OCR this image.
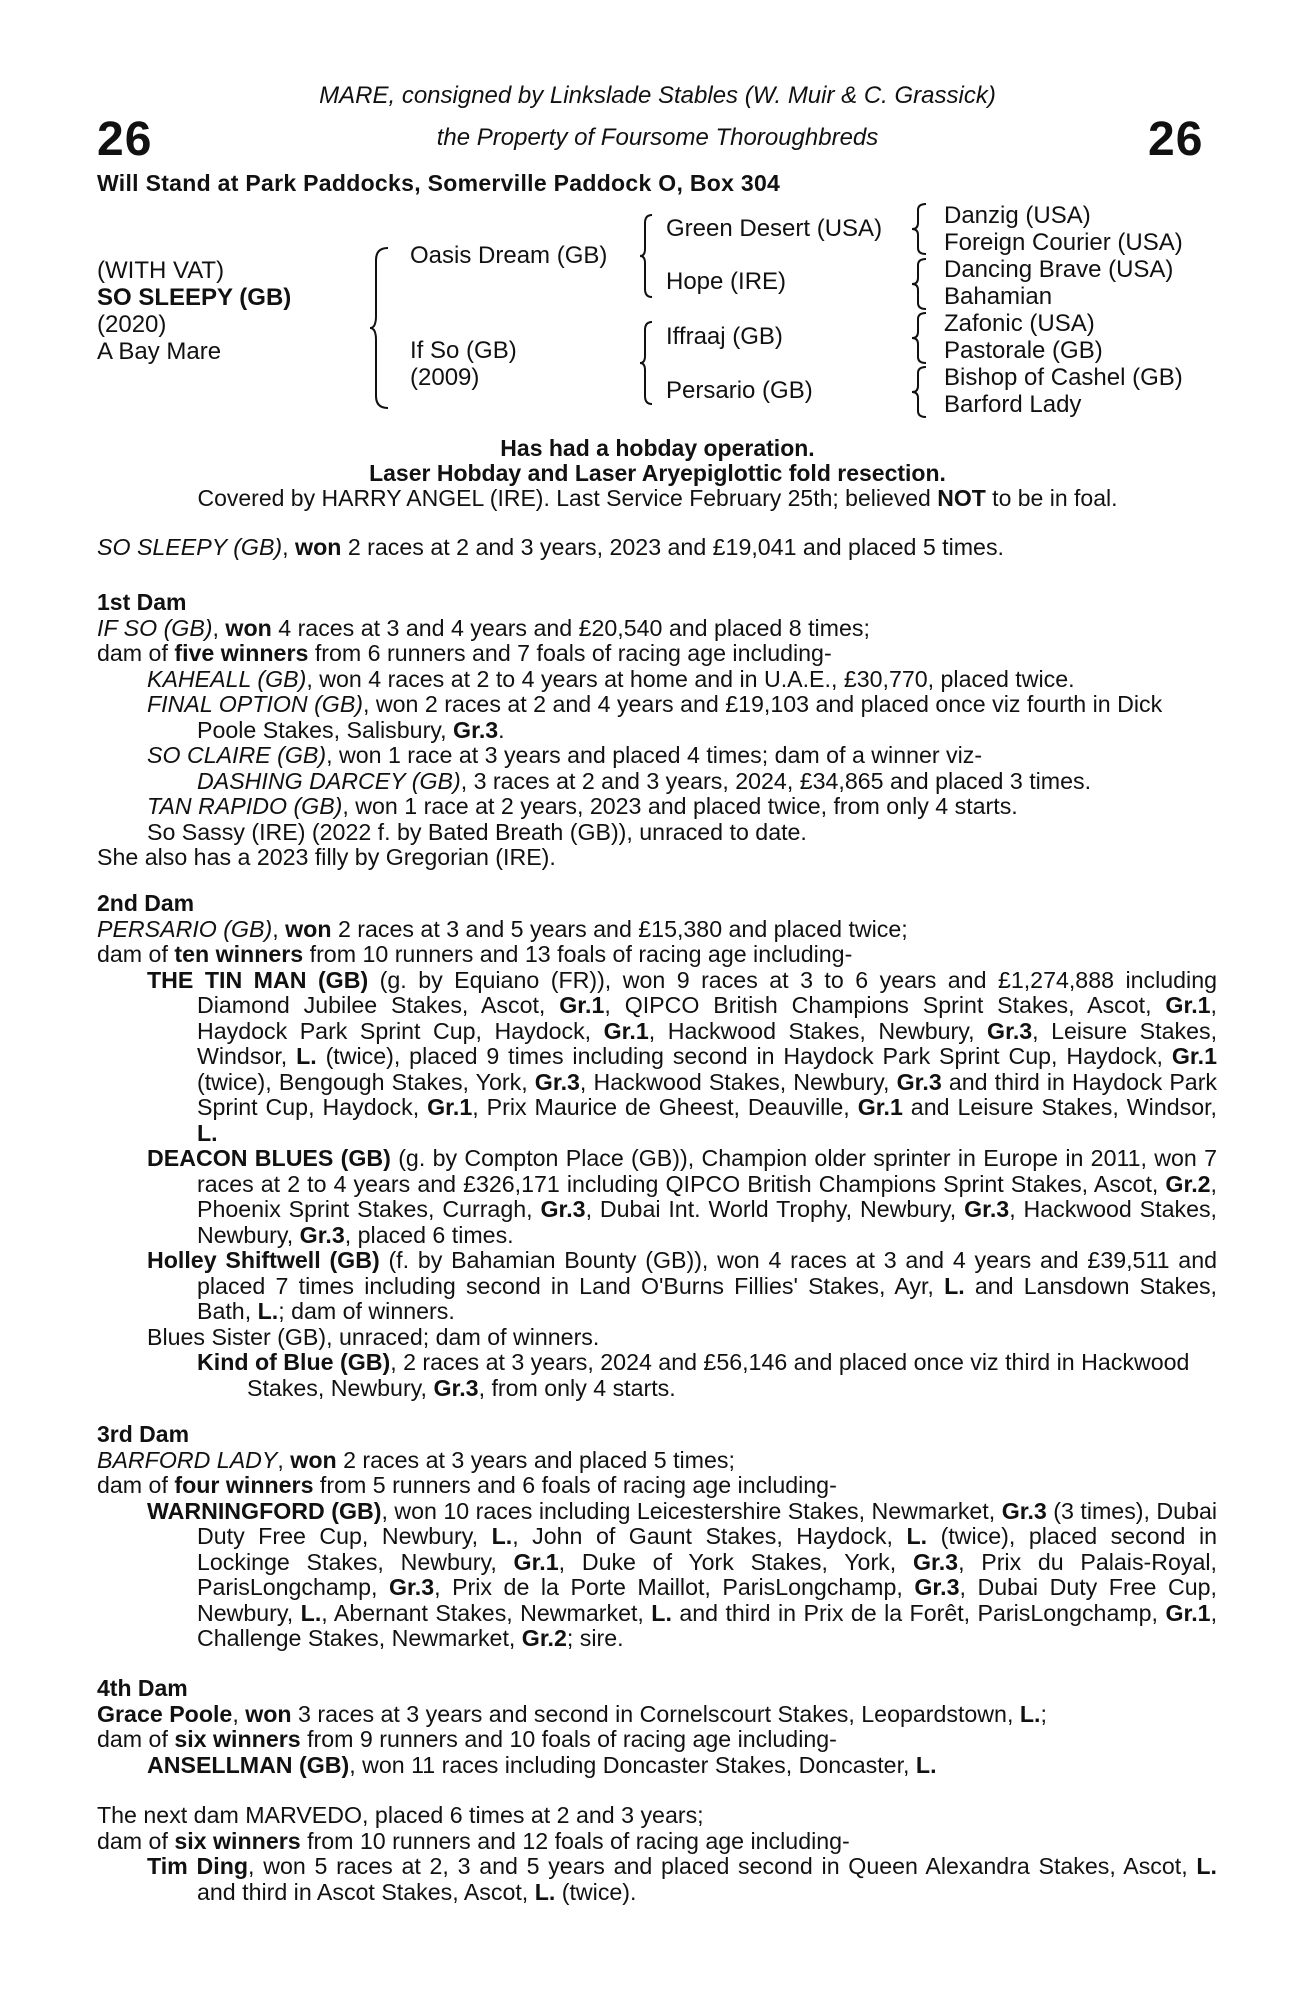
26	26
MARE, consigned by Linkslade Stables (W. Muir & C. Grassick)
the Property of Foursome Thoroughbreds
Will Stand at Park Paddocks, Somerville Paddock O, Box 304
(WITH VAT)
SO SLEEPY (GB)
(2020)
A Bay Mare
Oasis Dream (GB)
If So (GB)
(2009)
Green Desert (USA)
Hope (IRE)
Iffraaj (GB)
Persario (GB)
Danzig (USA)
Foreign Courier (USA)
Dancing Brave (USA)
Bahamian
Zafonic (USA)
Pastorale (GB)
Bishop of Cashel (GB)
Barford Lady
Has had a hobday operation.
Laser Hobday and Laser Aryepiglottic fold resection.
Covered by HARRY ANGEL (IRE). Last Service February 25th; believed NOT to be in foal.

SO SLEEPY (GB), won 2 races at 2 and 3 years, 2023 and £19,041 and placed 5 times.

1st Dam

IF SO (GB), won 4 races at 3 and 4 years and £20,540 and placed 8 times;

dam of five winners from 6 runners and 7 foals of racing age including-

KAHEALL (GB), won 4 races at 2 to 4 years at home and in U.A.E., £30,770, placed twice.

FINAL OPTION (GB), won 2 races at 2 and 4 years and £19,103 and placed once viz fourth in Dick Poole Stakes, Salisbury, Gr.3.

SO CLAIRE (GB), won 1 race at 3 years and placed 4 times; dam of a winner viz-

DASHING DARCEY (GB), 3 races at 2 and 3 years, 2024, £34,865 and placed 3 times.

TAN RAPIDO (GB), won 1 race at 2 years, 2023 and placed twice, from only 4 starts.

So Sassy (IRE) (2022 f. by Bated Breath (GB)), unraced to date.

She also has a 2023 filly by Gregorian (IRE).

2nd Dam

PERSARIO (GB), won 2 races at 3 and 5 years and £15,380 and placed twice;

dam of ten winners from 10 runners and 13 foals of racing age including-

THE TIN MAN (GB) (g. by Equiano (FR)), won 9 races at 3 to 6 years and £1,274,888 including Diamond Jubilee Stakes, Ascot, Gr.1, QIPCO British Champions Sprint Stakes, Ascot, Gr.1, Haydock Park Sprint Cup, Haydock, Gr.1, Hackwood Stakes, Newbury, Gr.3, Leisure Stakes, Windsor, L. (twice), placed 9 times including second in Haydock Park Sprint Cup, Haydock, Gr.1 (twice), Bengough Stakes, York, Gr.3, Hackwood Stakes, Newbury, Gr.3 and third in Haydock Park Sprint Cup, Haydock, Gr.1, Prix Maurice de Gheest, Deauville, Gr.1 and Leisure Stakes, Windsor, L.

DEACON BLUES (GB) (g. by Compton Place (GB)), Champion older sprinter in Europe in 2011, won 7 races at 2 to 4 years and £326,171 including QIPCO British Champions Sprint Stakes, Ascot, Gr.2, Phoenix Sprint Stakes, Curragh, Gr.3, Dubai Int. World Trophy, Newbury, Gr.3, Hackwood Stakes, Newbury, Gr.3, placed 6 times.

Holley Shiftwell (GB) (f. by Bahamian Bounty (GB)), won 4 races at 3 and 4 years and £39,511 and placed 7 times including second in Land O'Burns Fillies' Stakes, Ayr, L. and Lansdown Stakes, Bath, L.; dam of winners.

Blues Sister (GB), unraced; dam of winners.

Kind of Blue (GB), 2 races at 3 years, 2024 and £56,146 and placed once viz third in Hackwood Stakes, Newbury, Gr.3, from only 4 starts.

3rd Dam

BARFORD LADY, won 2 races at 3 years and placed 5 times;

dam of four winners from 5 runners and 6 foals of racing age including-

WARNINGFORD (GB), won 10 races including Leicestershire Stakes, Newmarket, Gr.3 (3 times), Dubai Duty Free Cup, Newbury, L., John of Gaunt Stakes, Haydock, L. (twice), placed second in Lockinge Stakes, Newbury, Gr.1, Duke of York Stakes, York, Gr.3, Prix du Palais-Royal, ParisLongchamp, Gr.3, Prix de la Porte Maillot, ParisLongchamp, Gr.3, Dubai Duty Free Cup, Newbury, L., Abernant Stakes, Newmarket, L. and third in Prix de la Forêt, ParisLongchamp, Gr.1, Challenge Stakes, Newmarket, Gr.2; sire.

4th Dam

Grace Poole, won 3 races at 3 years and second in Cornelscourt Stakes, Leopardstown, L.;

dam of six winners from 9 runners and 10 foals of racing age including-

ANSELLMAN (GB), won 11 races including Doncaster Stakes, Doncaster, L.

The next dam MARVEDO, placed 6 times at 2 and 3 years;

dam of six winners from 10 runners and 12 foals of racing age including-

Tim Ding, won 5 races at 2, 3 and 5 years and placed second in Queen Alexandra Stakes, Ascot, L. and third in Ascot Stakes, Ascot, L. (twice).
